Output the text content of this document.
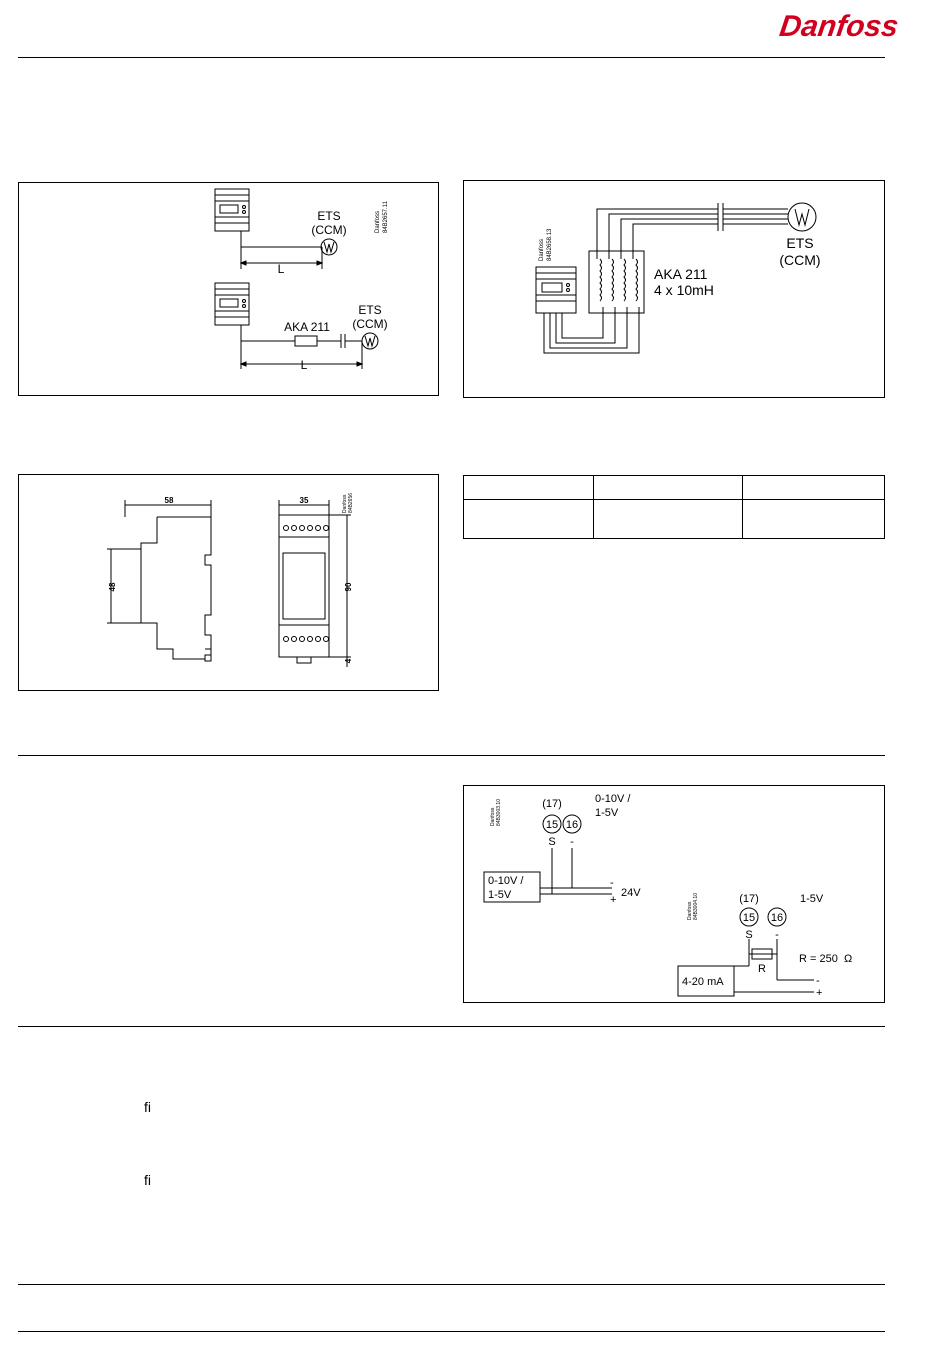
Danfoss
ETS
(CCM)
L
AKA 211
ETS
(CCM)
L
Danfoss 84B2657.11
AKA 211
4 x 10mH
ETS
(CCM)
Danfoss 84B2658.13
58	35
48	90
4
Danfoss 84B2656

(17)
15 16
S -
0-10V /
1-5V
0-10V /
1-5V	24V
-
+	(17)
15 16
S -
1-5V
R
R = 250 Ω
4-20 mA	-
+
Danfoss 84B3003.10
Danfoss 84B3004.10
ﬁ
ﬁ
